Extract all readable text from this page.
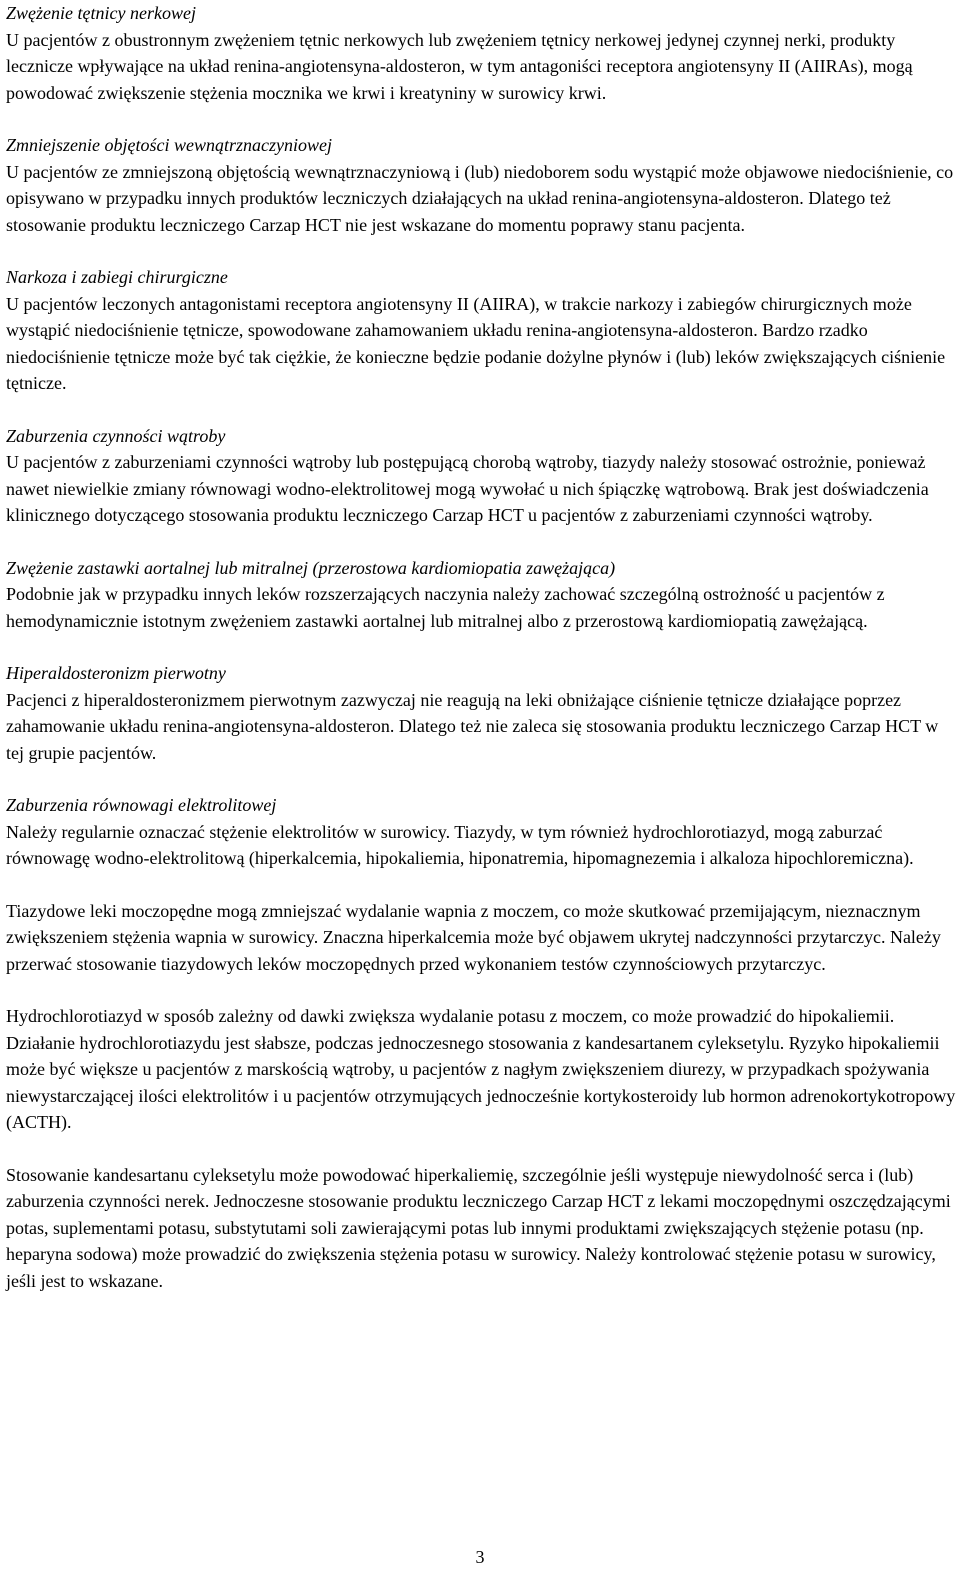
Zwężenie tętnicy nerkowej

U pacjentów z obustronnym zwężeniem tętnic nerkowych lub zwężeniem tętnicy nerkowej jedynej czynnej nerki, produkty lecznicze wpływające na układ renina-angiotensyna-aldosteron, w tym antagoniści receptora angiotensyny II (AIIRAs), mogą powodować zwiększenie stężenia mocznika we krwi i kreatyniny w surowicy krwi.

Zmniejszenie objętości wewnątrznaczyniowej

U pacjentów ze zmniejszoną objętością wewnątrznaczyniową i (lub) niedoborem sodu wystąpić może objawowe niedociśnienie, co opisywano w przypadku innych produktów leczniczych działających na układ renina-angiotensyna-aldosteron. Dlatego też stosowanie produktu leczniczego Carzap HCT nie jest wskazane do momentu poprawy stanu pacjenta.

Narkoza i zabiegi chirurgiczne

U pacjentów leczonych antagonistami receptora angiotensyny II (AIIRA), w trakcie narkozy i zabiegów chirurgicznych może wystąpić niedociśnienie tętnicze, spowodowane zahamowaniem układu renina-angiotensyna-aldosteron. Bardzo rzadko niedociśnienie tętnicze może być tak ciężkie, że konieczne będzie podanie dożylne płynów i (lub) leków zwiększających ciśnienie tętnicze.

Zaburzenia czynności wątroby

U pacjentów z zaburzeniami czynności wątroby lub postępującą chorobą wątroby, tiazydy należy stosować ostrożnie, ponieważ nawet niewielkie zmiany równowagi wodno-elektrolitowej mogą wywołać u nich śpiączkę wątrobową. Brak jest doświadczenia klinicznego dotyczącego stosowania produktu leczniczego Carzap HCT u pacjentów z zaburzeniami czynności wątroby.

Zwężenie zastawki aortalnej lub mitralnej (przerostowa kardiomiopatia zawężająca)

Podobnie jak w przypadku innych leków rozszerzających naczynia należy zachować szczególną ostrożność u pacjentów z hemodynamicznie istotnym zwężeniem zastawki aortalnej lub mitralnej albo z przerostową kardiomiopatią zawężającą.

Hiperaldosteronizm pierwotny

Pacjenci z hiperaldosteronizmem pierwotnym zazwyczaj nie reagują na leki obniżające ciśnienie tętnicze działające poprzez zahamowanie układu renina-angiotensyna-aldosteron. Dlatego też nie zaleca się stosowania produktu leczniczego Carzap HCT w tej grupie pacjentów.

Zaburzenia równowagi elektrolitowej

Należy regularnie oznaczać stężenie elektrolitów w surowicy. Tiazydy, w tym również hydrochlorotiazyd, mogą zaburzać równowagę wodno-elektrolitową (hiperkalcemia, hipokaliemia, hiponatremia, hipomagnezemia i alkaloza hipochloremiczna).

Tiazydowe leki moczopędne mogą zmniejszać wydalanie wapnia z moczem, co może skutkować przemijającym, nieznacznym zwiększeniem stężenia wapnia w surowicy. Znaczna hiperkalcemia może być objawem ukrytej nadczynności przytarczyc. Należy przerwać stosowanie tiazydowych leków moczopędnych przed wykonaniem testów czynnościowych przytarczyc.

Hydrochlorotiazyd w sposób zależny od dawki zwiększa wydalanie potasu z moczem, co może prowadzić do hipokaliemii. Działanie hydrochlorotiazydu jest słabsze, podczas jednoczesnego stosowania z kandesartanem cyleksetylu. Ryzyko hipokaliemii może być większe u pacjentów z marskością wątroby, u pacjentów z nagłym zwiększeniem diurezy, w przypadkach spożywania niewystarczającej ilości elektrolitów i u pacjentów otrzymujących jednocześnie kortykosteroidy lub hormon adrenokortykotropowy (ACTH).

Stosowanie kandesartanu cyleksetylu może powodować hiperkaliemię, szczególnie jeśli występuje niewydolność serca i (lub) zaburzenia czynności nerek. Jednoczesne stosowanie produktu leczniczego Carzap HCT z lekami moczopędnymi oszczędzającymi potas, suplementami potasu, substytutami soli zawierającymi potas lub innymi produktami zwiększających stężenie potasu (np. heparyna sodowa) może prowadzić do zwiększenia stężenia potasu w surowicy. Należy kontrolować stężenie potasu w surowicy, jeśli jest to wskazane.

3
